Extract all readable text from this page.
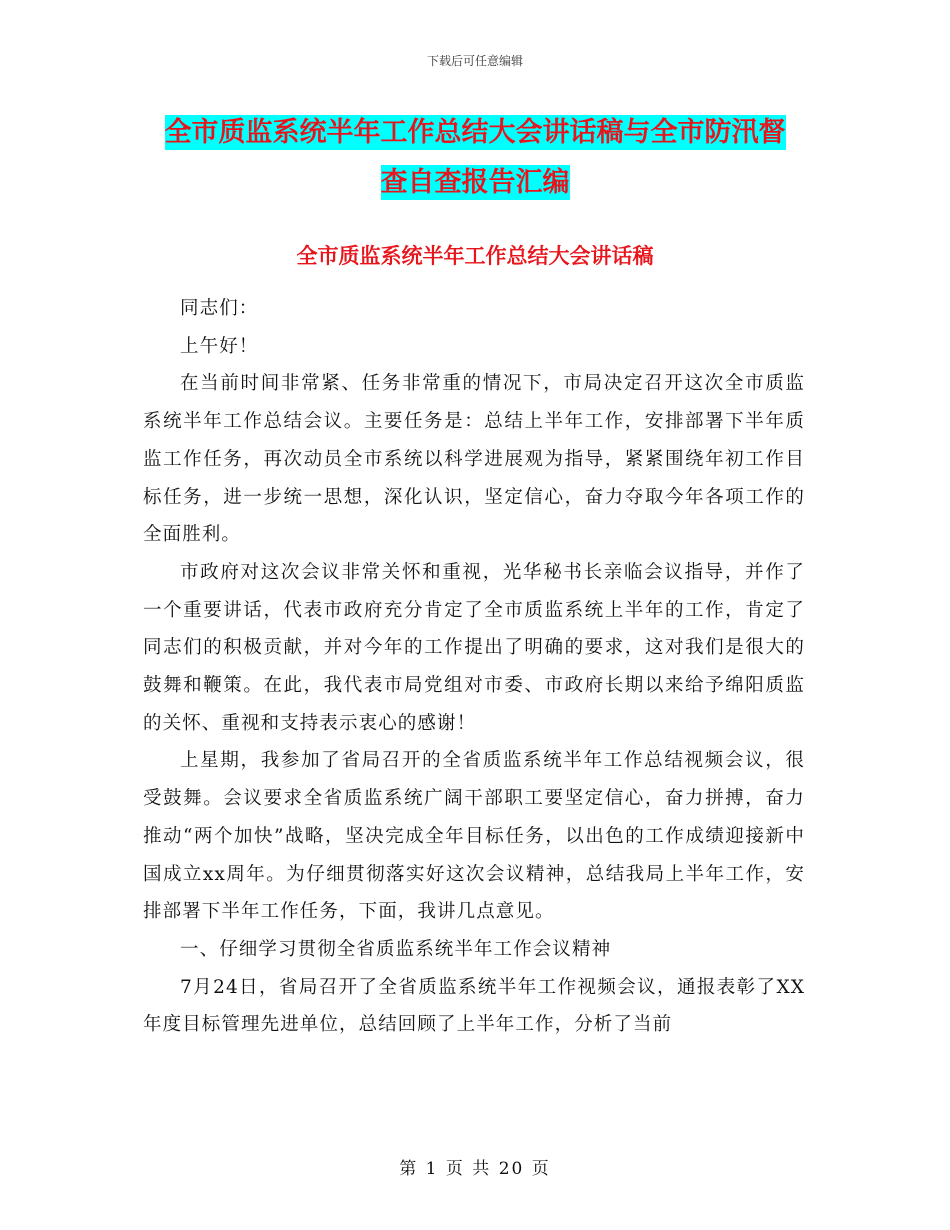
下载后可任意编辑
全市质监系统半年工作总结大会讲话稿与全市防汛督
查自查报告汇编
全市质监系统半年工作总结大会讲话稿

同志们：

上午好！

在当前时间非常紧、任务非常重的情况下，市局决定召开这次全市质监系统半年工作总结会议。主要任务是：总结上半年工作，安排部署下半年质监工作任务，再次动员全市系统以科学进展观为指导，紧紧围绕年初工作目标任务，进一步统一思想，深化认识，坚定信心，奋力夺取今年各项工作的全面胜利。

市政府对这次会议非常关怀和重视，光华秘书长亲临会议指导，并作了一个重要讲话，代表市政府充分肯定了全市质监系统上半年的工作，肯定了同志们的积极贡献，并对今年的工作提出了明确的要求，这对我们是很大的鼓舞和鞭策。在此，我代表市局党组对市委、市政府长期以来给予绵阳质监的关怀、重视和支持表示衷心的感谢！

上星期，我参加了省局召开的全省质监系统半年工作总结视频会议，很受鼓舞。会议要求全省质监系统广阔干部职工要坚定信心，奋力拼搏，奋力推动“两个加快”战略，坚决完成全年目标任务，以出色的工作成绩迎接新中国成立xx周年。为仔细贯彻落实好这次会议精神，总结我局上半年工作，安排部署下半年工作任务，下面，我讲几点意见。

一、仔细学习贯彻全省质监系统半年工作会议精神

7月24日，省局召开了全省质监系统半年工作视频会议，通报表彰了XX年度目标管理先进单位，总结回顾了上半年工作，分析了当前

第 1 页 共 20 页
